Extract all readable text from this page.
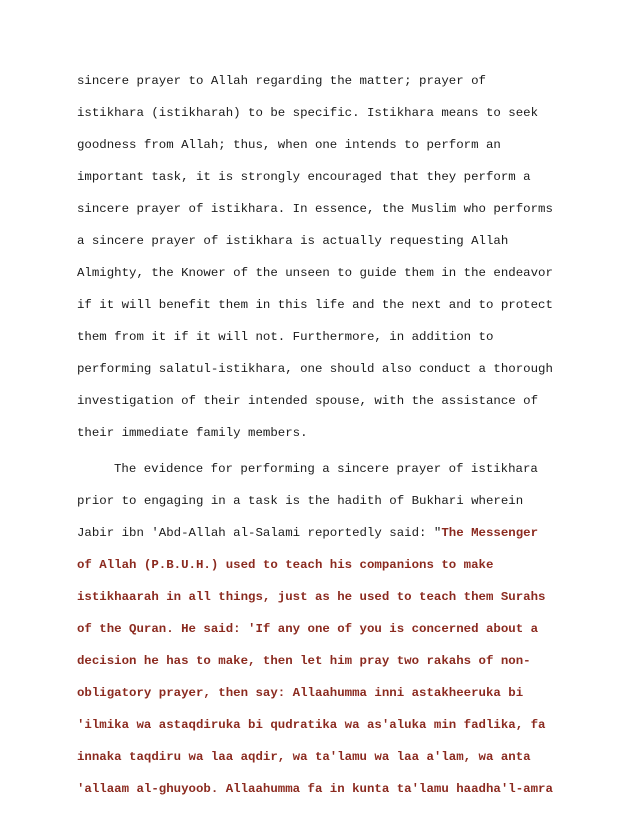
sincere prayer to Allah regarding the matter; prayer of
istikhara (istikharah) to be specific. Istikhara means to seek
goodness from Allah; thus, when one intends to perform an
important task, it is strongly encouraged that they perform a
sincere prayer of istikhara. In essence, the Muslim who performs
a sincere prayer of istikhara is actually requesting Allah
Almighty, the Knower of the unseen to guide them in the endeavor
if it will benefit them in this life and the next and to protect
them from it if it will not. Furthermore, in addition to
performing salatul-istikhara, one should also conduct a thorough
investigation of their intended spouse, with the assistance of
their immediate family members.
The evidence for performing a sincere prayer of istikhara
prior to engaging in a task is the hadith of Bukhari wherein
Jabir ibn 'Abd-Allah al-Salami reportedly said: "The Messenger
of Allah (P.B.U.H.) used to teach his companions to make
istikhaarah in all things, just as he used to teach them Surahs
of the Quran. He said: 'If any one of you is concerned about a
decision he has to make, then let him pray two rakahs of non-
obligatory prayer, then say: Allaahumma inni astakheeruka bi
'ilmika wa astaqdiruka bi qudratika wa as'aluka min fadlika, fa
innaka taqdiru wa laa aqdir, wa ta'lamu wa laa a'lam, wa anta
'allaam al-ghuyoob. Allaahumma fa in kunta ta'lamu haadha'l-amra
